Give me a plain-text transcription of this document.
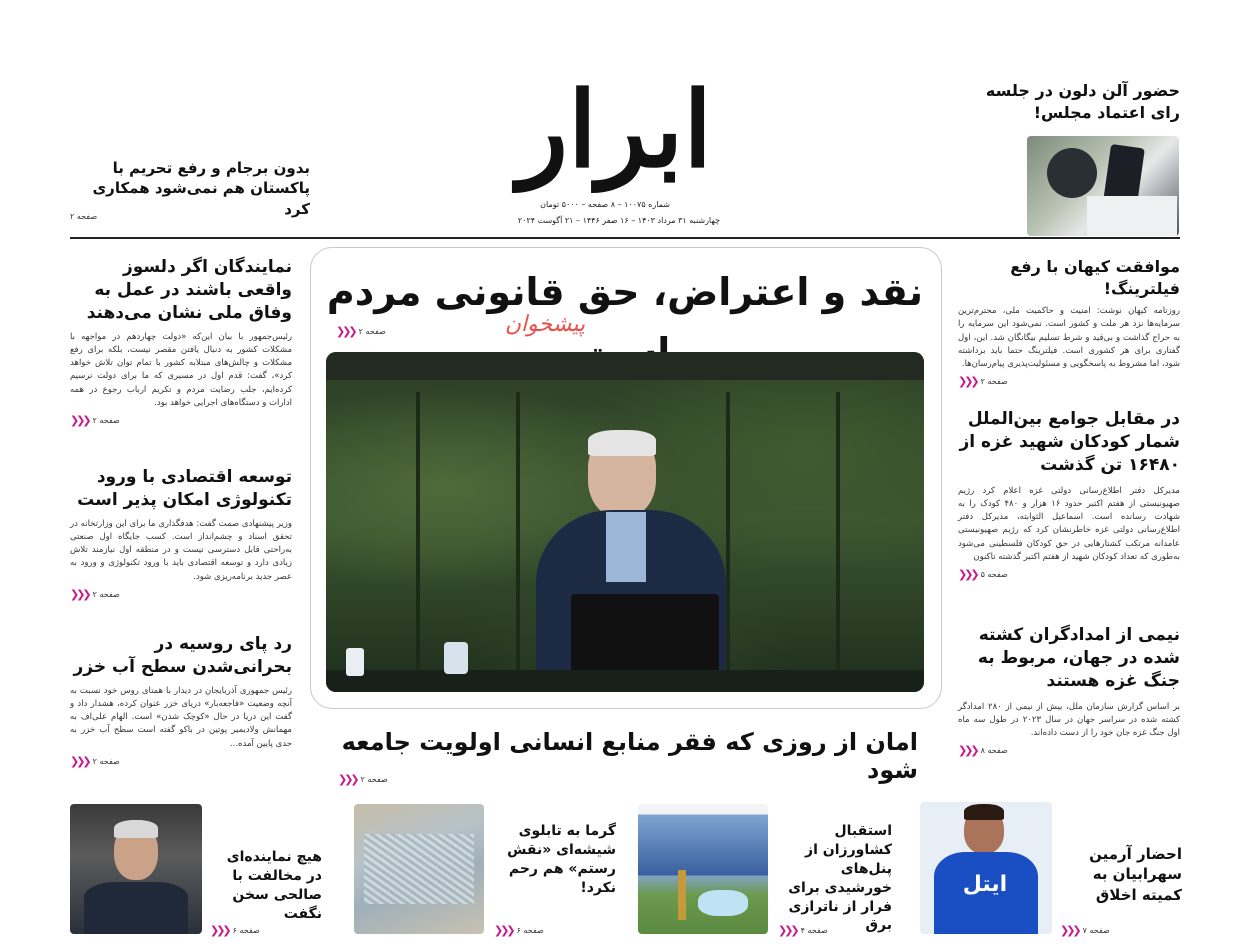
ابرار
شماره ۱۰۰۷۵ – ۸ صفحه – ۵۰۰۰ تومان
چهارشنبه ۳۱ مرداد ۱۴۰۳ – ۱۶ صفر ۱۴۴۶ – ۲۱ آگوست ۲۰۲۴
حضور آلن دلون در جلسه رای اعتماد مجلس!
بدون برجام و رفع تحریم با پاکستان هم نمی‌شود همکاری کرد
صفحه ۲
نقد و اعتراض، حق قانونی مردم
صفحه ۲
❮❮❮	پیشخوان
امان از روزی که فقر منابع انسانی اولویت جامعه شود
صفحه ۲
❮❮❮
موافقت کیهان با رفع فیلترینگ!
روزنامه کیهان نوشت: امنیت و حاکمیت ملی، محترم‌ترین سرمایه‌ها نزد هر ملت و کشور است. نمی‌شود این سرمایه را به حراج گذاشت و بی‌قید و شرط تسلیم بیگانگان شد. این، اول گفتاری برای هر کشوری است. فیلترینگ حتما باید برداشته شود، اما مشروط به پاسخگویی و مسئولیت‌پذیری پیام‌رسان‌ها.
صفحه ۲
❮❮❮
در مقابل جوامع بین‌الملل شمار کودکان شهید غزه از ۱۶۴۸۰ تن گذشت
مدیرکل دفتر اطلاع‌رسانی دولتی غزه اعلام کرد رژیم صهیونیستی از هفتم اکتبر حدود ۱۶ هزار و ۴۸۰ کودک را به شهادت رسانده است. اسماعیل الثوابته، مدیرکل دفتر اطلاع‌رسانی دولتی غزه خاطرنشان کرد که رژیم صهیونیستی عامدانه مرتکب کشتارهایی در حق کودکان فلسطینی می‌شود به‌طوری که تعداد کودکان شهید از هفتم اکتبر گذشته تاکنون
صفحه ۵
❮❮❮
نیمی از امدادگران کشته شده در جهان، مربوط به جنگ غزه هستند
بر اساس گزارش سازمان ملل، بیش از نیمی از ۲۸۰ امدادگر کشته شده در سراسر جهان در سال ۲۰۲۳ در طول سه ماه اول جنگ غزه جان خود را از دست داده‌اند.
صفحه ۸
❮❮❮
نمایندگان اگر دلسوز واقعی باشند در عمل به وفاق ملی نشان می‌دهند
رئیس‌جمهور با بیان این‌که «دولت چهاردهم در مواجهه با مشکلات کشور به دنبال یافتن مقصر نیست، بلکه برای رفع مشکلات و چالش‌های مبتلابه کشور با تمام توان تلاش خواهد کرد»، گفت: قدم اول در مسیری که ما برای دولت ترسیم کرده‌ایم، جلب رضایت مردم و تکریم ارباب رجوع در همه ادارات و دستگاه‌های اجرایی خواهد بود.
صفحه ۲
❮❮❮
توسعه اقتصادی با ورود تکنولوژی امکان پذیر است
وزیر پیشنهادی صمت گفت: هدفگذاری ما برای این وزارتخانه در تحقق اسناد و چشم‌انداز است. کسب جایگاه اول صنعتی به‌راحتی قابل دسترسی نیست و در منطقه اول نیازمند تلاش زیادی دارد و توسعه اقتصادی باید با ورود تکنولوژی و ورود به عصر جدید برنامه‌ریزی شود.
صفحه ۲
❮❮❮
رد پای روسیه در بحرانی‌شدن سطح آب خزر
رئیس جمهوری آذربایجان در دیدار با همتای روس خود نسبت به آنچه وضعیت «فاجعه‌بار» دریای خزر عنوان کرده، هشدار داد و گفت این دریا در حال «کوچک شدن» است. الهام علی‌اف به مهمانش ولادیمیر پوتین در باکو گفته است سطح آب خزر به حدی پایین آمده...
صفحه ۲
❮❮❮
ایتل
احضار آرمین سهرابیان به کمیته اخلاق
صفحه ۷
❮❮❮
استقبال کشاورزان از پنل‌های خورشیدی برای فرار از ناترازی برق
صفحه ۴
❮❮❮
گرما به تابلوی شیشه‌ای «نقش رستم» هم رحم نکرد!
صفحه ۶
❮❮❮
هیچ نماینده‌ای در مخالفت با صالحی سخن نگفت
صفحه ۶
❮❮❮
